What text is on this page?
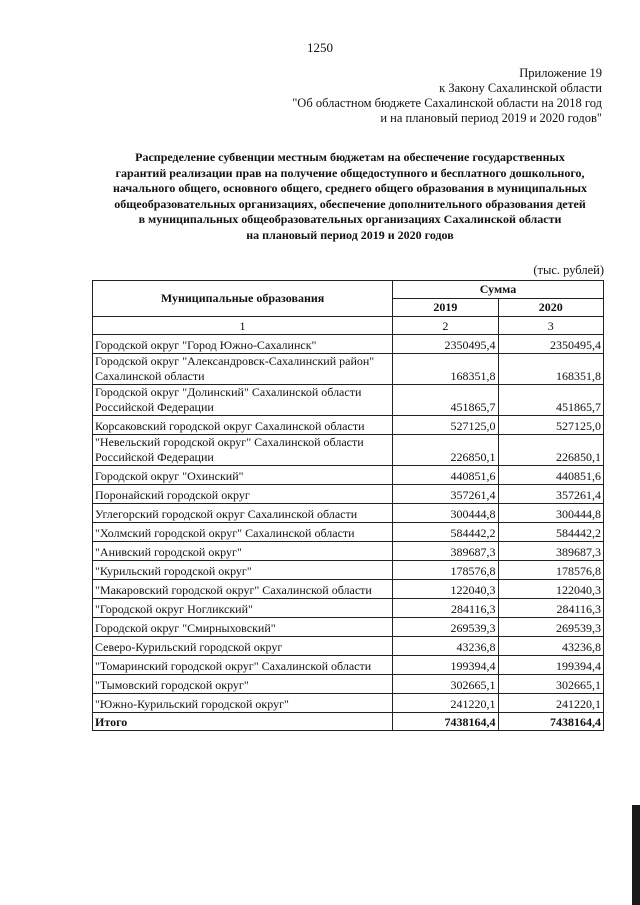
1250
Приложение 19
к Закону Сахалинской области
"Об областном бюджете Сахалинской области на 2018 год
и на плановый период 2019 и 2020 годов"
Распределение субвенции местным бюджетам на обеспечение государственных
гарантий реализации прав на получение общедоступного и бесплатного дошкольного,
начального общего, основного общего, среднего общего образования в муниципальных
общеобразовательных организациях, обеспечение дополнительного образования детей
в муниципальных общеобразовательных организациях Сахалинской области
на плановый период 2019 и 2020 годов
(тыс. рублей)
Муниципальные образования	Сумма	
	2019	2020
1	2	3
Городской округ "Город Южно-Сахалинск"	2350495,4	2350495,4
Городской округ "Александровск-Сахалинский район" Сахалинской области	168351,8	168351,8
Городской округ "Долинский" Сахалинской области Российской Федерации	451865,7	451865,7
Корсаковский городской округ Сахалинской области	527125,0	527125,0
"Невельский городской округ" Сахалинской области Российской Федерации	226850,1	226850,1
Городской округ "Охинский"	440851,6	440851,6
Поронайский городской округ	357261,4	357261,4
Углегорский городской округ Сахалинской области	300444,8	300444,8
"Холмский городской округ" Сахалинской области	584442,2	584442,2
"Анивский городской округ"	389687,3	389687,3
"Курильский городской округ"	178576,8	178576,8
"Макаровский городской округ" Сахалинской области	122040,3	122040,3
"Городской округ Ногликский"	284116,3	284116,3
Городской округ "Смирныховский"	269539,3	269539,3
Северо-Курильский городской округ	43236,8	43236,8
"Томаринский городской округ" Сахалинской области	199394,4	199394,4
"Тымовский городской округ"	302665,1	302665,1
"Южно-Курильский городской округ"	241220,1	241220,1
Итого	7438164,4	7438164,4
